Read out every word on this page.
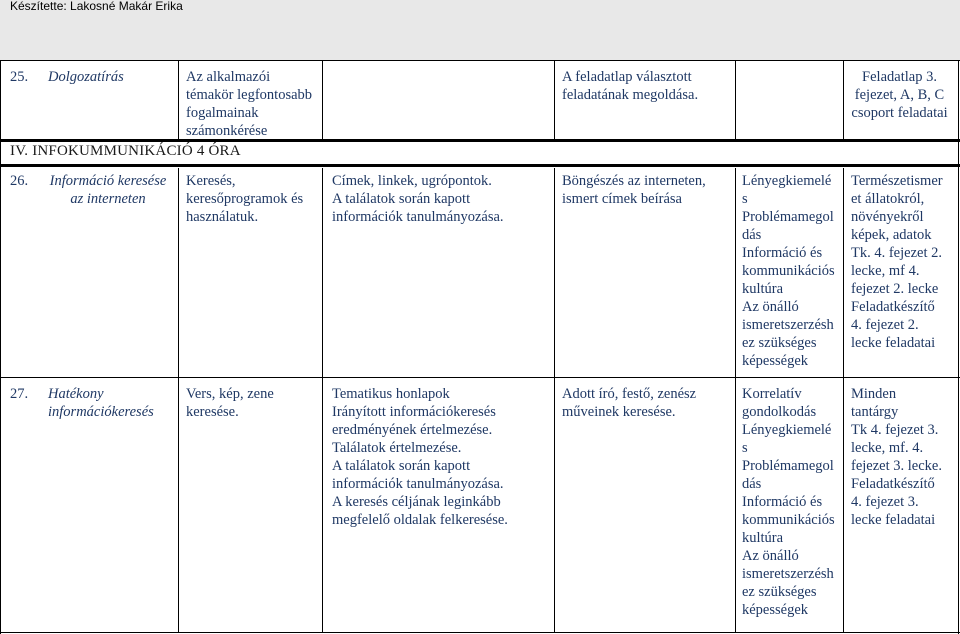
Készítette: Lakosné Makár Erika
IV. INFOKUMMUNIKÁCIÓ 4 ÓRA
25. Dolgozatírás	Az alkalmazói
témakör legfontosabb
fogalmainak
számonkérése
A feladatlap választott
feladatának megoldása.
Feladatlap 3.
fejezet, A, B, C
csoport feladatai
26.	Információ keresése
az interneten
Keresés,
keresőprogramok és
használatuk.
Címek, linkek, ugrópontok.
A találatok során kapott
információk tanulmányozása.
Böngészés az interneten,
ismert címek beírása
Lényegkiemelé
s
Problémamegol
dás
Információ és
kommunikációs
kultúra
Az önálló
ismeretszerzésh
ez szükséges
képességek
Természetismer
et állatokról,
növényekről
képek, adatok
Tk. 4. fejezet 2.
lecke, mf 4.
fejezet 2. lecke
Feladatkészítő
4. fejezet 2.
lecke feladatai
27. Hatékony
információkeresés
Vers, kép, zene
keresése.
Tematikus honlapok
Irányított információkeresés
eredményének értelmezése.
Találatok értelmezése.
A találatok során kapott
információk tanulmányozása.
A keresés céljának leginkább
megfelelő oldalak felkeresése.
Adott író, festő, zenész
műveinek keresése.
Korrelatív
gondolkodás
Lényegkiemelé
s
Problémamegol
dás
Információ és
kommunikációs
kultúra
Az önálló
ismeretszerzésh
ez szükséges
képességek
Minden
tantárgy
Tk 4. fejezet 3.
lecke, mf. 4.
fejezet 3. lecke.
Feladatkészítő
4. fejezet 3.
lecke feladatai
